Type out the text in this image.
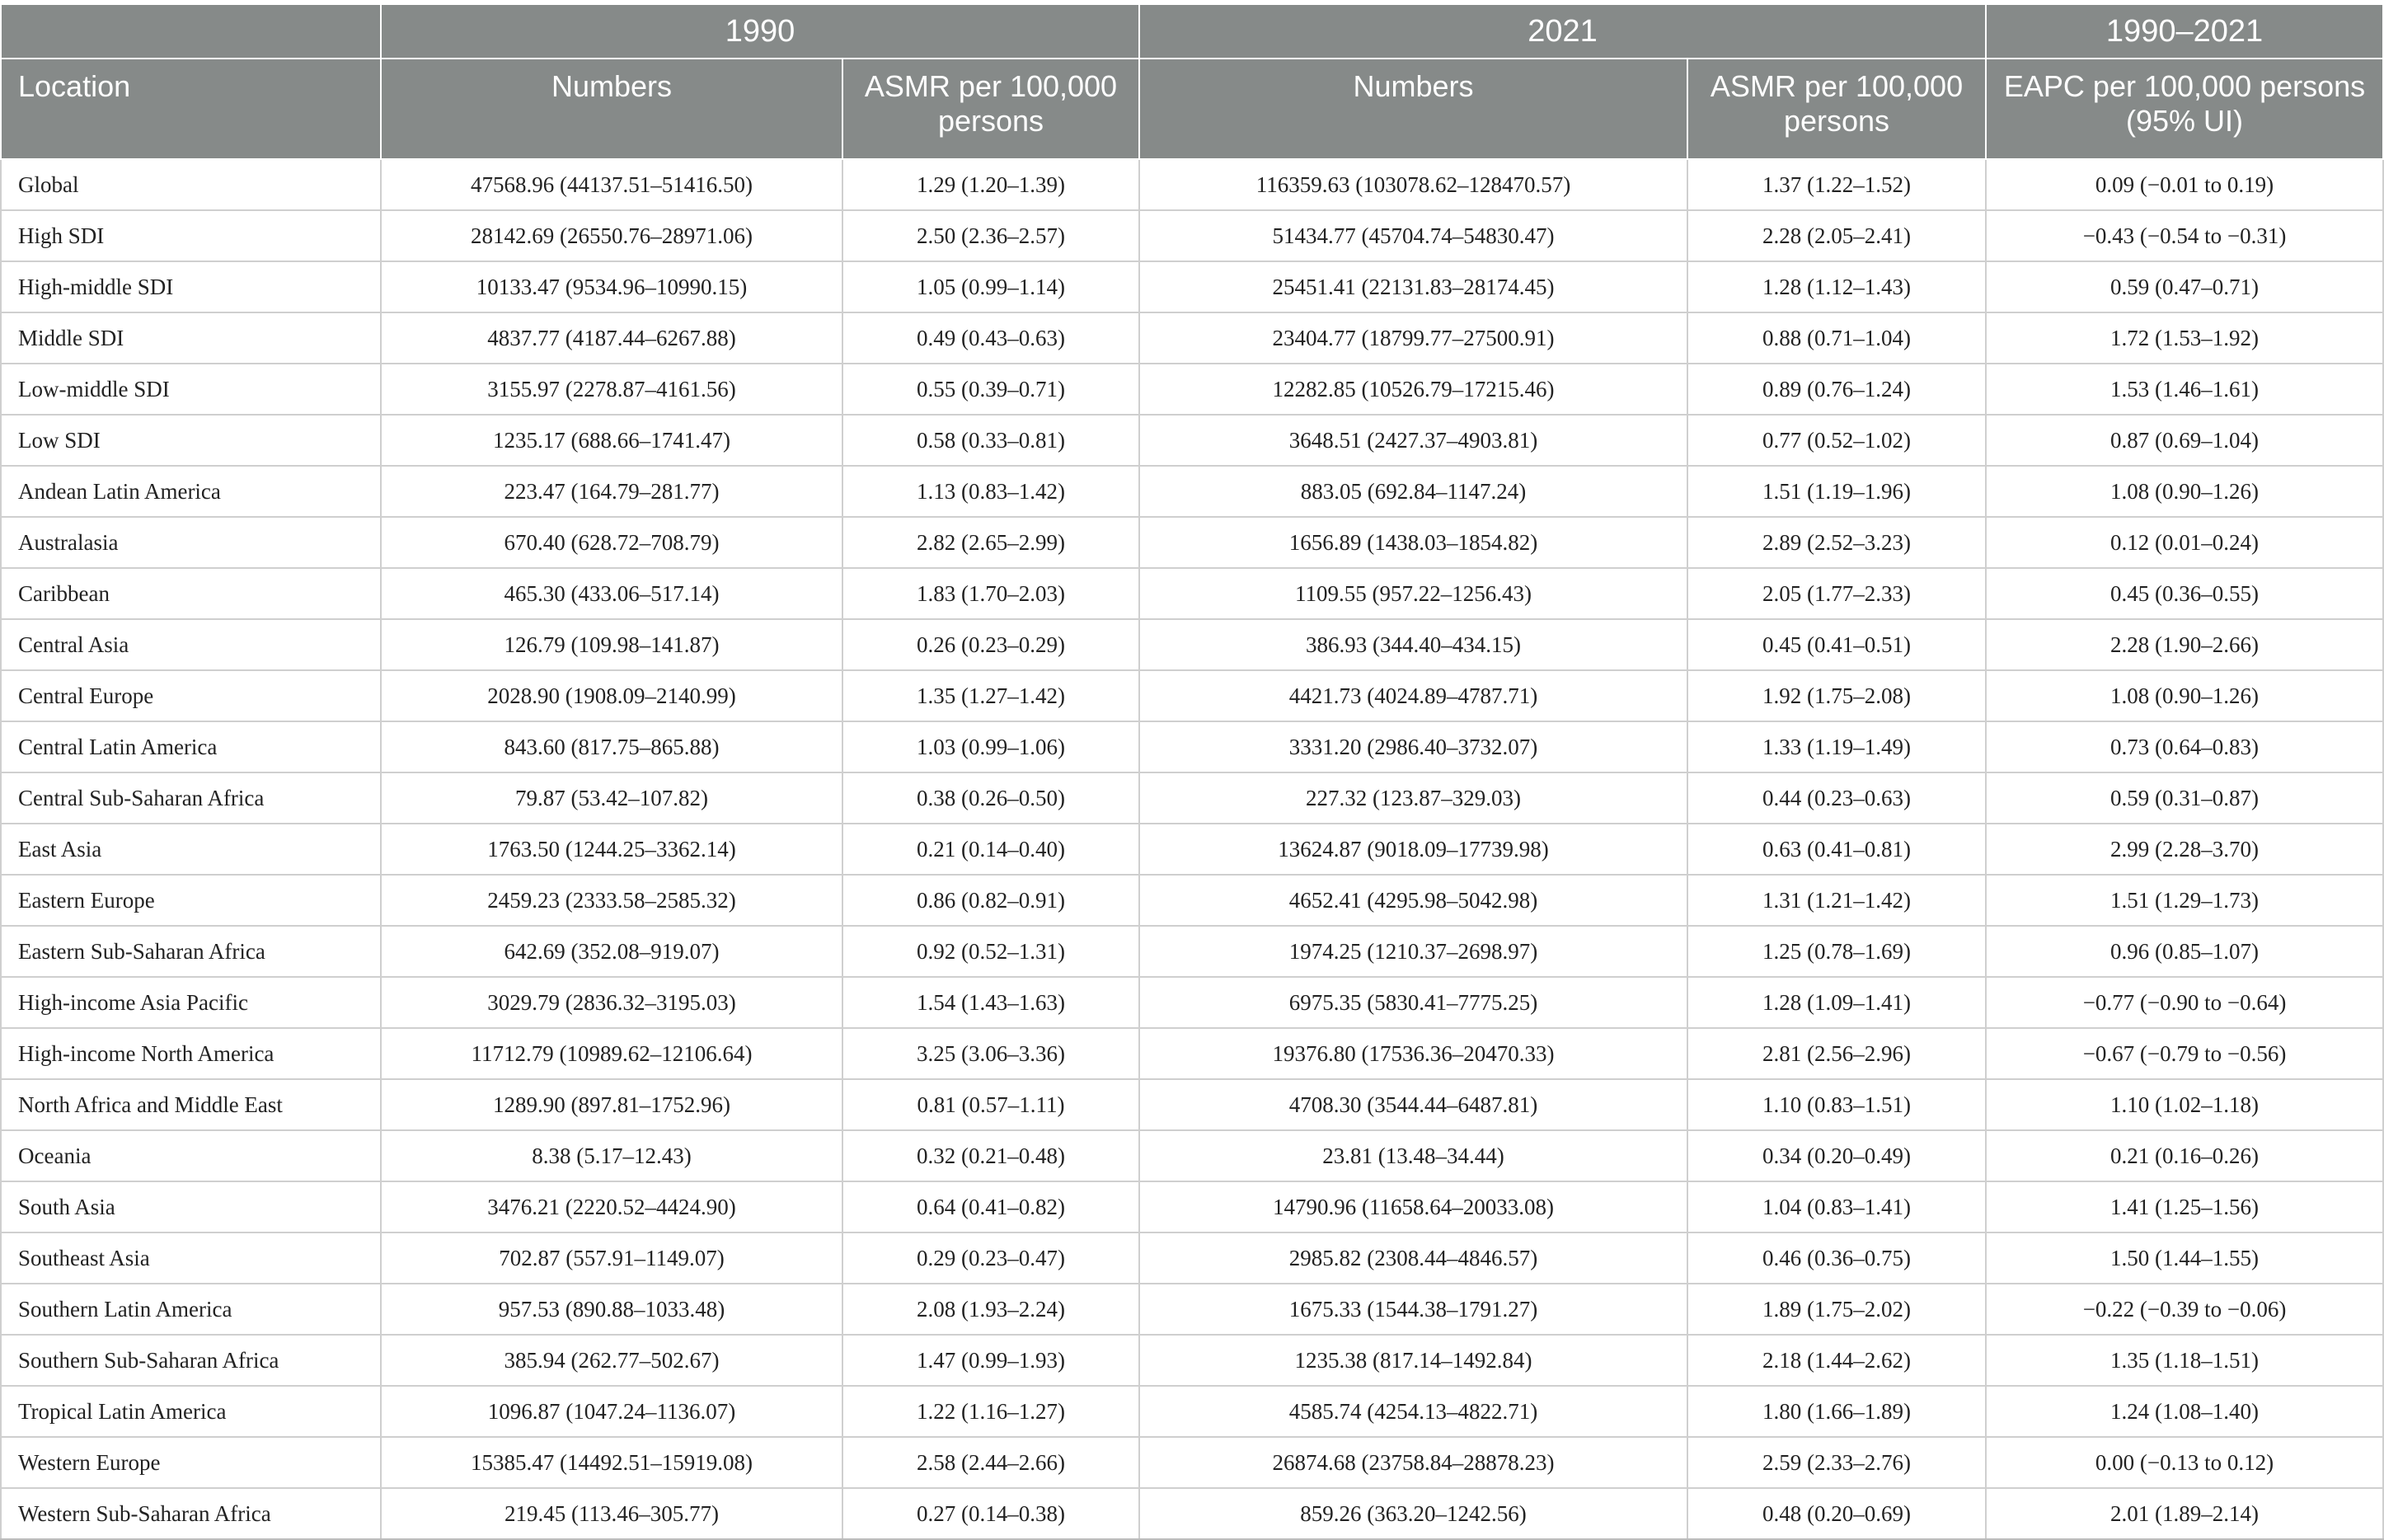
	1990		2021		1990–2021
Location	Numbers	ASMR per 100,000 persons	Numbers	ASMR per 100,000 persons	EAPC per 100,000 persons (95% UI)
Global	47568.96 (44137.51–51416.50)	1.29 (1.20–1.39)	116359.63 (103078.62–128470.57)	1.37 (1.22–1.52)	0.09 (−0.01 to 0.19)
High SDI	28142.69 (26550.76–28971.06)	2.50 (2.36–2.57)	51434.77 (45704.74–54830.47)	2.28 (2.05–2.41)	−0.43 (−0.54 to −0.31)
High-middle SDI	10133.47 (9534.96–10990.15)	1.05 (0.99–1.14)	25451.41 (22131.83–28174.45)	1.28 (1.12–1.43)	0.59 (0.47–0.71)
Middle SDI	4837.77 (4187.44–6267.88)	0.49 (0.43–0.63)	23404.77 (18799.77–27500.91)	0.88 (0.71–1.04)	1.72 (1.53–1.92)
Low-middle SDI	3155.97 (2278.87–4161.56)	0.55 (0.39–0.71)	12282.85 (10526.79–17215.46)	0.89 (0.76–1.24)	1.53 (1.46–1.61)
Low SDI	1235.17 (688.66–1741.47)	0.58 (0.33–0.81)	3648.51 (2427.37–4903.81)	0.77 (0.52–1.02)	0.87 (0.69–1.04)
Andean Latin America	223.47 (164.79–281.77)	1.13 (0.83–1.42)	883.05 (692.84–1147.24)	1.51 (1.19–1.96)	1.08 (0.90–1.26)
Australasia	670.40 (628.72–708.79)	2.82 (2.65–2.99)	1656.89 (1438.03–1854.82)	2.89 (2.52–3.23)	0.12 (0.01–0.24)
Caribbean	465.30 (433.06–517.14)	1.83 (1.70–2.03)	1109.55 (957.22–1256.43)	2.05 (1.77–2.33)	0.45 (0.36–0.55)
Central Asia	126.79 (109.98–141.87)	0.26 (0.23–0.29)	386.93 (344.40–434.15)	0.45 (0.41–0.51)	2.28 (1.90–2.66)
Central Europe	2028.90 (1908.09–2140.99)	1.35 (1.27–1.42)	4421.73 (4024.89–4787.71)	1.92 (1.75–2.08)	1.08 (0.90–1.26)
Central Latin America	843.60 (817.75–865.88)	1.03 (0.99–1.06)	3331.20 (2986.40–3732.07)	1.33 (1.19–1.49)	0.73 (0.64–0.83)
Central Sub-Saharan Africa	79.87 (53.42–107.82)	0.38 (0.26–0.50)	227.32 (123.87–329.03)	0.44 (0.23–0.63)	0.59 (0.31–0.87)
East Asia	1763.50 (1244.25–3362.14)	0.21 (0.14–0.40)	13624.87 (9018.09–17739.98)	0.63 (0.41–0.81)	2.99 (2.28–3.70)
Eastern Europe	2459.23 (2333.58–2585.32)	0.86 (0.82–0.91)	4652.41 (4295.98–5042.98)	1.31 (1.21–1.42)	1.51 (1.29–1.73)
Eastern Sub-Saharan Africa	642.69 (352.08–919.07)	0.92 (0.52–1.31)	1974.25 (1210.37–2698.97)	1.25 (0.78–1.69)	0.96 (0.85–1.07)
High-income Asia Pacific	3029.79 (2836.32–3195.03)	1.54 (1.43–1.63)	6975.35 (5830.41–7775.25)	1.28 (1.09–1.41)	−0.77 (−0.90 to −0.64)
High-income North America	11712.79 (10989.62–12106.64)	3.25 (3.06–3.36)	19376.80 (17536.36–20470.33)	2.81 (2.56–2.96)	−0.67 (−0.79 to −0.56)
North Africa and Middle East	1289.90 (897.81–1752.96)	0.81 (0.57–1.11)	4708.30 (3544.44–6487.81)	1.10 (0.83–1.51)	1.10 (1.02–1.18)
Oceania	8.38 (5.17–12.43)	0.32 (0.21–0.48)	23.81 (13.48–34.44)	0.34 (0.20–0.49)	0.21 (0.16–0.26)
South Asia	3476.21 (2220.52–4424.90)	0.64 (0.41–0.82)	14790.96 (11658.64–20033.08)	1.04 (0.83–1.41)	1.41 (1.25–1.56)
Southeast Asia	702.87 (557.91–1149.07)	0.29 (0.23–0.47)	2985.82 (2308.44–4846.57)	0.46 (0.36–0.75)	1.50 (1.44–1.55)
Southern Latin America	957.53 (890.88–1033.48)	2.08 (1.93–2.24)	1675.33 (1544.38–1791.27)	1.89 (1.75–2.02)	−0.22 (−0.39 to −0.06)
Southern Sub-Saharan Africa	385.94 (262.77–502.67)	1.47 (0.99–1.93)	1235.38 (817.14–1492.84)	2.18 (1.44–2.62)	1.35 (1.18–1.51)
Tropical Latin America	1096.87 (1047.24–1136.07)	1.22 (1.16–1.27)	4585.74 (4254.13–4822.71)	1.80 (1.66–1.89)	1.24 (1.08–1.40)
Western Europe	15385.47 (14492.51–15919.08)	2.58 (2.44–2.66)	26874.68 (23758.84–28878.23)	2.59 (2.33–2.76)	0.00 (−0.13 to 0.12)
Western Sub-Saharan Africa	219.45 (113.46–305.77)	0.27 (0.14–0.38)	859.26 (363.20–1242.56)	0.48 (0.20–0.69)	2.01 (1.89–2.14)
